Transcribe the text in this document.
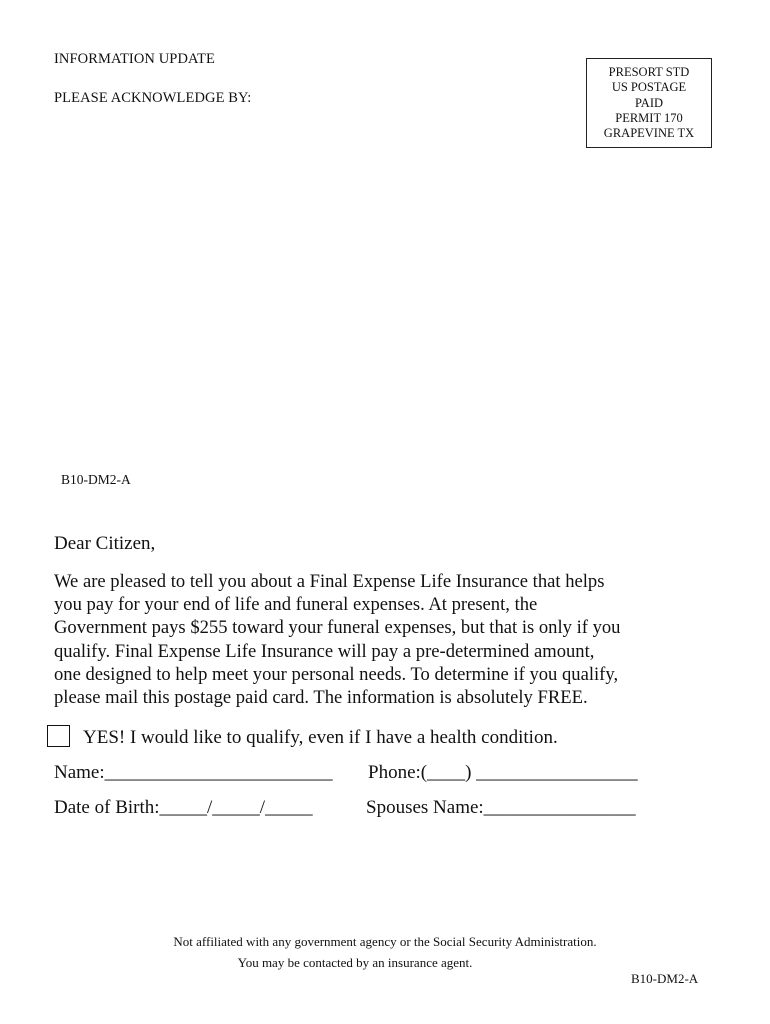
INFORMATION UPDATE
PLEASE ACKNOWLEDGE BY:
PRESORT STD
US POSTAGE
PAID
PERMIT 170
GRAPEVINE TX
B10-DM2-A
Dear Citizen,
We are pleased to tell you about a Final Expense Life Insurance that helps
you pay for your end of life and funeral expenses. At present, the
Government pays $255 toward your funeral expenses, but that is only if you
qualify. Final Expense Life Insurance will pay a pre-determined amount,
one designed to help meet your personal needs. To determine if you qualify,
please mail this postage paid card. The information is absolutely FREE.
YES! I would like to qualify, even if I have a health condition.
Name:________________________ Phone:(____) _________________
Date of Birth:_____/_____/_____	Spouses Name:________________
Not affiliated with any government agency or the Social Security Administration.
You may be contacted by an insurance agent.
B10-DM2-A
